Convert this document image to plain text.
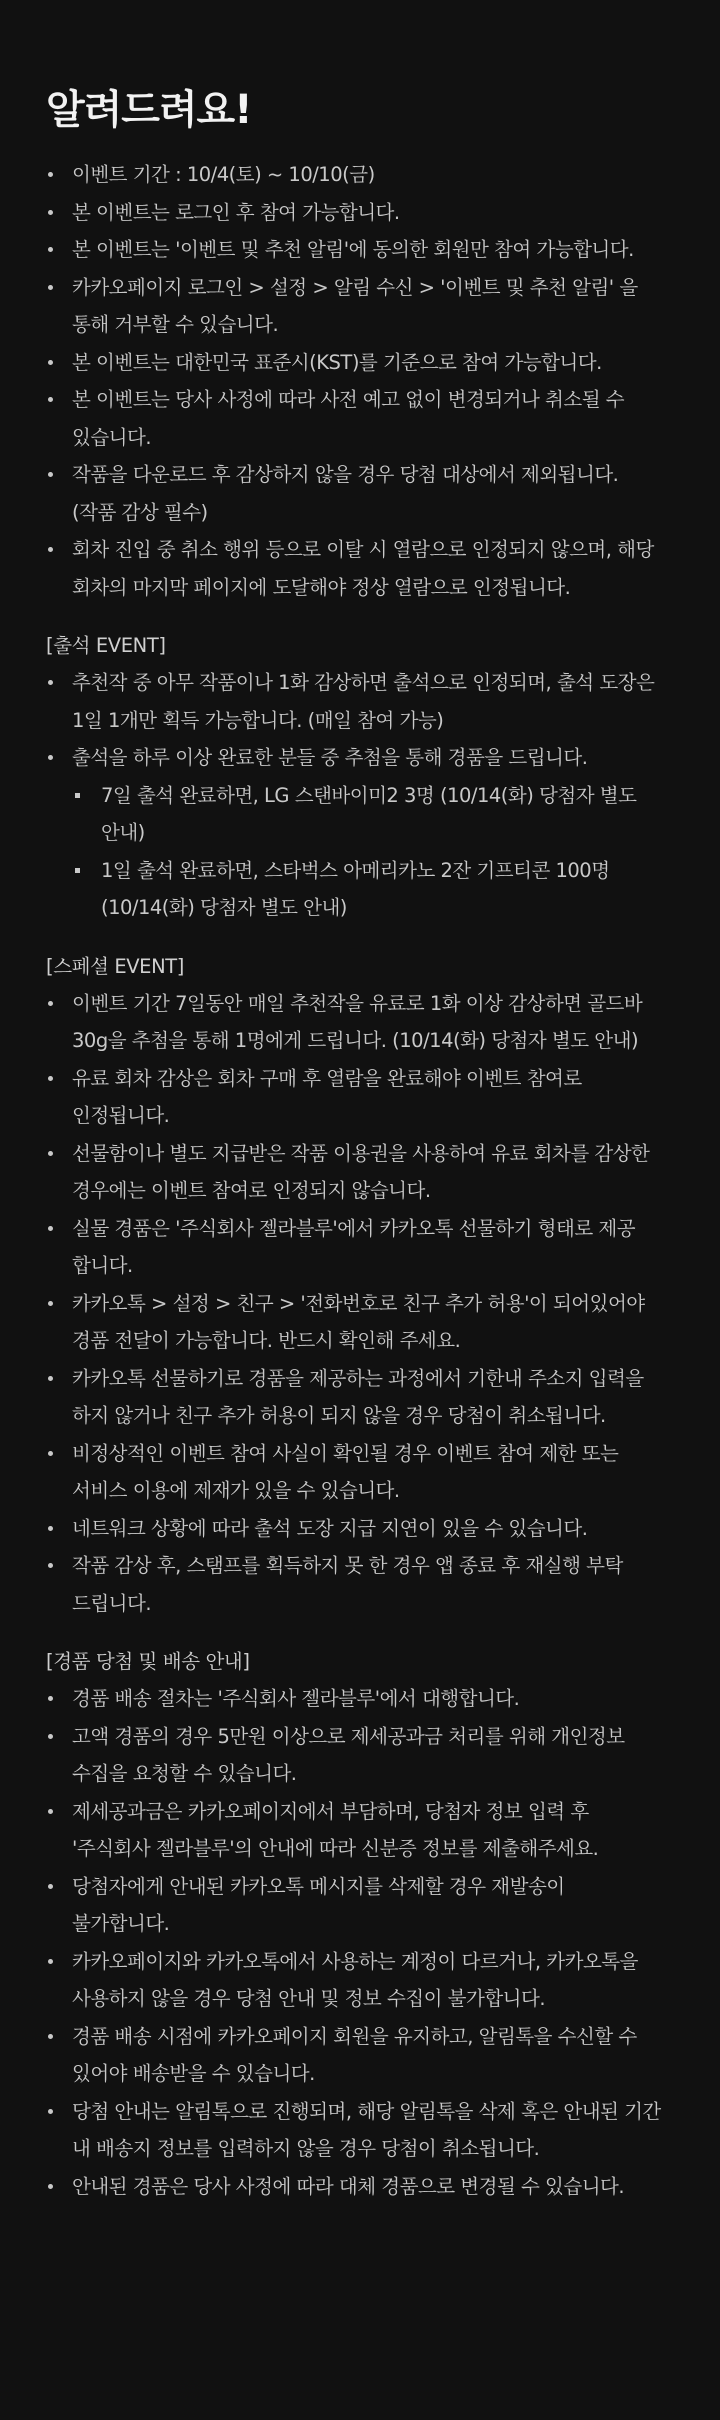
알려드려요!
이벤트 기간 : 10/4(토) ~ 10/10(금)
본 이벤트는 로그인 후 참여 가능합니다.
본 이벤트는 '이벤트 및 추천 알림'에 동의한 회원만 참여 가능합니다.
카카오페이지 로그인 > 설정 > 알림 수신 > '이벤트 및 추천 알림' 을
통해 거부할 수 있습니다.
본 이벤트는 대한민국 표준시(KST)를 기준으로 참여 가능합니다.
본 이벤트는 당사 사정에 따라 사전 예고 없이 변경되거나 취소될 수
있습니다.
작품을 다운로드 후 감상하지 않을 경우 당첨 대상에서 제외됩니다.
(작품 감상 필수)
회차 진입 중 취소 행위 등으로 이탈 시 열람으로 인정되지 않으며, 해당
회차의 마지막 페이지에 도달해야 정상 열람으로 인정됩니다.
[출석 EVENT]
추천작 중 아무 작품이나 1화 감상하면 출석으로 인정되며, 출석 도장은
1일 1개만 획득 가능합니다. (매일 참여 가능)
출석을 하루 이상 완료한 분들 중 추첨을 통해 경품을 드립니다.
7일 출석 완료하면, LG 스탠바이미2 3명 (10/14(화) 당첨자 별도
안내)
1일 출석 완료하면, 스타벅스 아메리카노 2잔 기프티콘 100명
(10/14(화) 당첨자 별도 안내)
[스페셜 EVENT]
이벤트 기간 7일동안 매일 추천작을 유료로 1화 이상 감상하면 골드바
30g을 추첨을 통해 1명에게 드립니다. (10/14(화) 당첨자 별도 안내)
유료 회차 감상은 회차 구매 후 열람을 완료해야 이벤트 참여로
인정됩니다.
선물함이나 별도 지급받은 작품 이용권을 사용하여 유료 회차를 감상한
경우에는 이벤트 참여로 인정되지 않습니다.
실물 경품은 '주식회사 젤라블루'에서 카카오톡 선물하기 형태로 제공
합니다.
카카오톡 > 설정 > 친구 > '전화번호로 친구 추가 허용'이 되어있어야
경품 전달이 가능합니다. 반드시 확인해 주세요.
카카오톡 선물하기로 경품을 제공하는 과정에서 기한내 주소지 입력을
하지 않거나 친구 추가 허용이 되지 않을 경우 당첨이 취소됩니다.
비정상적인 이벤트 참여 사실이 확인될 경우 이벤트 참여 제한 또는
서비스 이용에 제재가 있을 수 있습니다.
네트워크 상황에 따라 출석 도장 지급 지연이 있을 수 있습니다.
작품 감상 후, 스탬프를 획득하지 못 한 경우 앱 종료 후 재실행 부탁
드립니다.
[경품 당첨 및 배송 안내]
경품 배송 절차는 '주식회사 젤라블루'에서 대행합니다.
고액 경품의 경우 5만원 이상으로 제세공과금 처리를 위해 개인정보
수집을 요청할 수 있습니다.
제세공과금은 카카오페이지에서 부담하며, 당첨자 정보 입력 후
'주식회사 젤라블루'의 안내에 따라 신분증 정보를 제출해주세요.
당첨자에게 안내된 카카오톡 메시지를 삭제할 경우 재발송이
불가합니다.
카카오페이지와 카카오톡에서 사용하는 계정이 다르거나, 카카오톡을
사용하지 않을 경우 당첨 안내 및 정보 수집이 불가합니다.
경품 배송 시점에 카카오페이지 회원을 유지하고, 알림톡을 수신할 수
있어야 배송받을 수 있습니다.
당첨 안내는 알림톡으로 진행되며, 해당 알림톡을 삭제 혹은 안내된 기간
내 배송지 정보를 입력하지 않을 경우 당첨이 취소됩니다.
안내된 경품은 당사 사정에 따라 대체 경품으로 변경될 수 있습니다.
